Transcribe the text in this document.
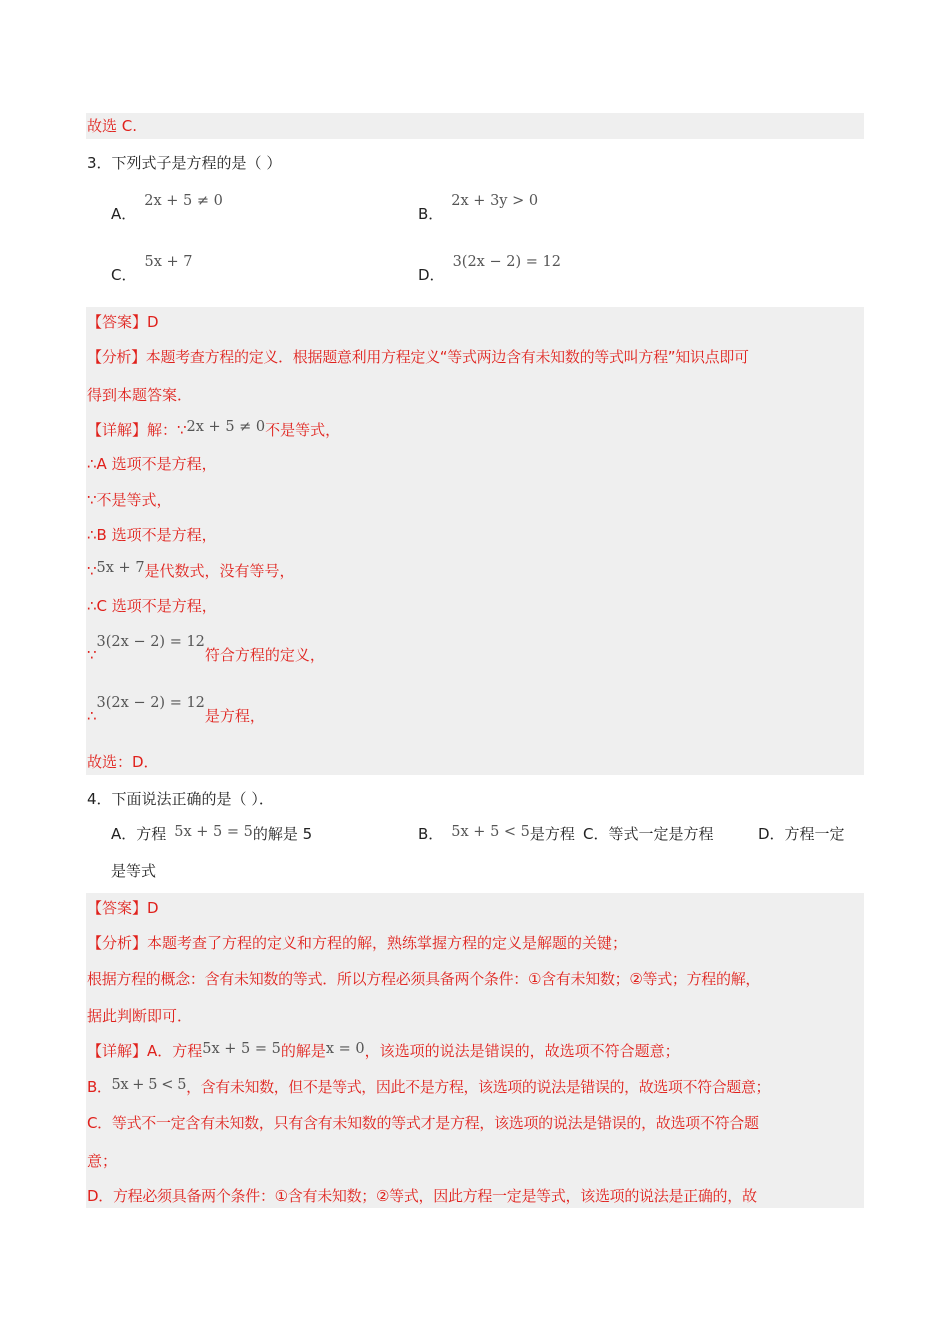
故选 C.
3．下列式子是方程的是（ ）
A．2x + 5 ≠ 0
B．2x + 3y > 0
C．5x + 7
D．3(2x − 2) = 12
【答案】D
【分析】本题考查方程的定义．根据题意利用方程定义“等式两边含有未知数的等式叫方程”知识点即可
得到本题答案．
【详解】解：∵2x + 5 ≠ 0不是等式，
∴A 选项不是方程，
∵不是等式，
∴B 选项不是方程，
∵5x + 7是代数式，没有等号，
∴C 选项不是方程，
∵3(2x − 2) = 12符合方程的定义，
∴3(2x − 2) = 12是方程，
故选：D．
4．下面说法正确的是（ ）．
A．方程 5x + 5 = 5的解是 5	B． 5x + 5 < 5是方程 C．等式一定是方程	D．方程一定
是等式
【答案】D
【分析】本题考查了方程的定义和方程的解，熟练掌握方程的定义是解题的关键；
根据方程的概念：含有未知数的等式．所以方程必须具备两个条件：①含有未知数；②等式；方程的解，
据此判断即可．
【详解】A．方程5x + 5 = 5的解是x = 0，该选项的说法是错误的，故选项不符合题意；
B．5x + 5 < 5，含有未知数，但不是等式，因此不是方程，该选项的说法是错误的，故选项不符合题意；
C．等式不一定含有未知数，只有含有未知数的等式才是方程，该选项的说法是错误的，故选项不符合题
意；
D．方程必须具备两个条件：①含有未知数；②等式，因此方程一定是等式，该选项的说法是正确的，故
